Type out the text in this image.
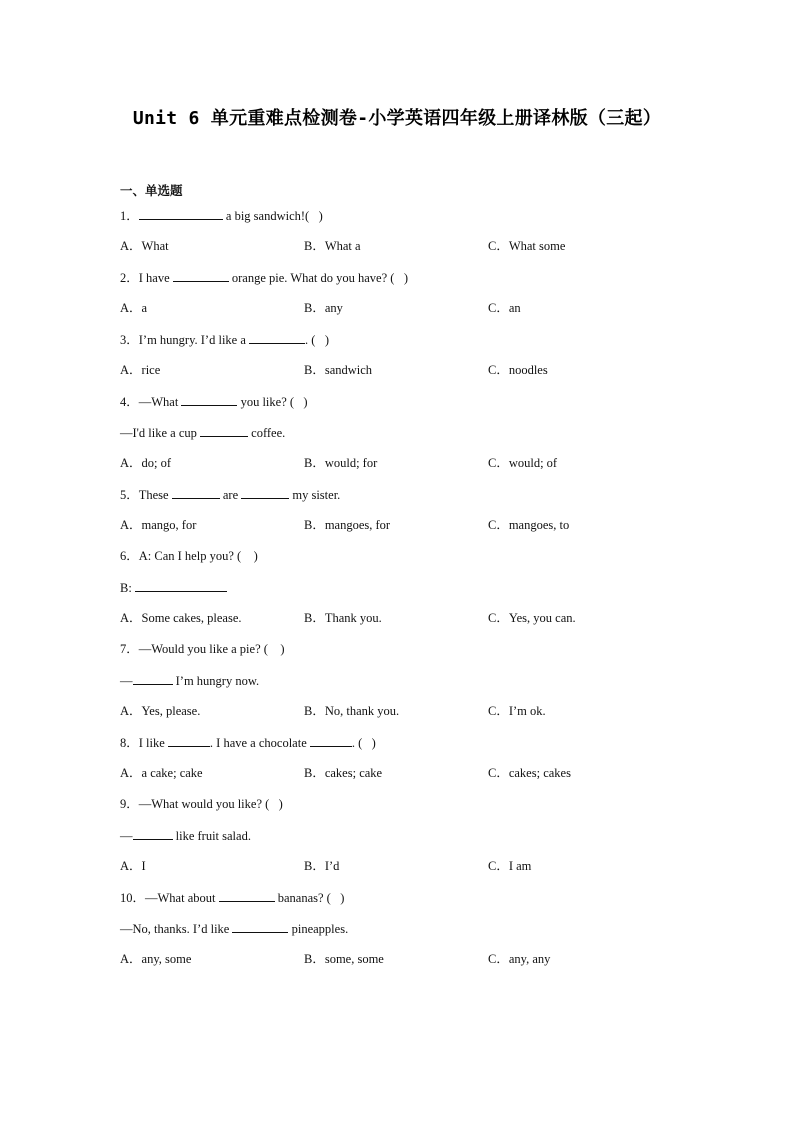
Unit 6 单元重难点检测卷-小学英语四年级上册译林版（三起）
一、单选题
1．	a big sandwich!(   )
A．What	B．What a	C．What some
2．I have	orange pie. What do you have? (   )
A．a	B．any	C．an
3．I’m hungry. I’d like a	. (   )
A．rice	B．sandwich	C．noodles
4．—What	you like? (   )
—I'd like a cup	coffee.
A．do; of	B．would; for	C．would; of
5．These	are	my sister.
A．mango, for	B．mangoes, for	C．mangoes, to
6．A: Can I help you? (    )
B:
A．Some cakes, please.	B．Thank you.	C．Yes, you can.
7．—Would you like a pie? (    )
—	I’m hungry now.
A．Yes, please.	B．No, thank you.	C．I’m ok.
8．I like	. I have a chocolate	. (   )
A．a cake; cake	B．cakes; cake	C．cakes; cakes
9．—What would you like? (   )
—	like fruit salad.
A．I	B．I’d	C．I am
10．—What about	bananas? (   )
—No, thanks. I’d like	pineapples.
A．any, some	B．some, some	C．any, any
